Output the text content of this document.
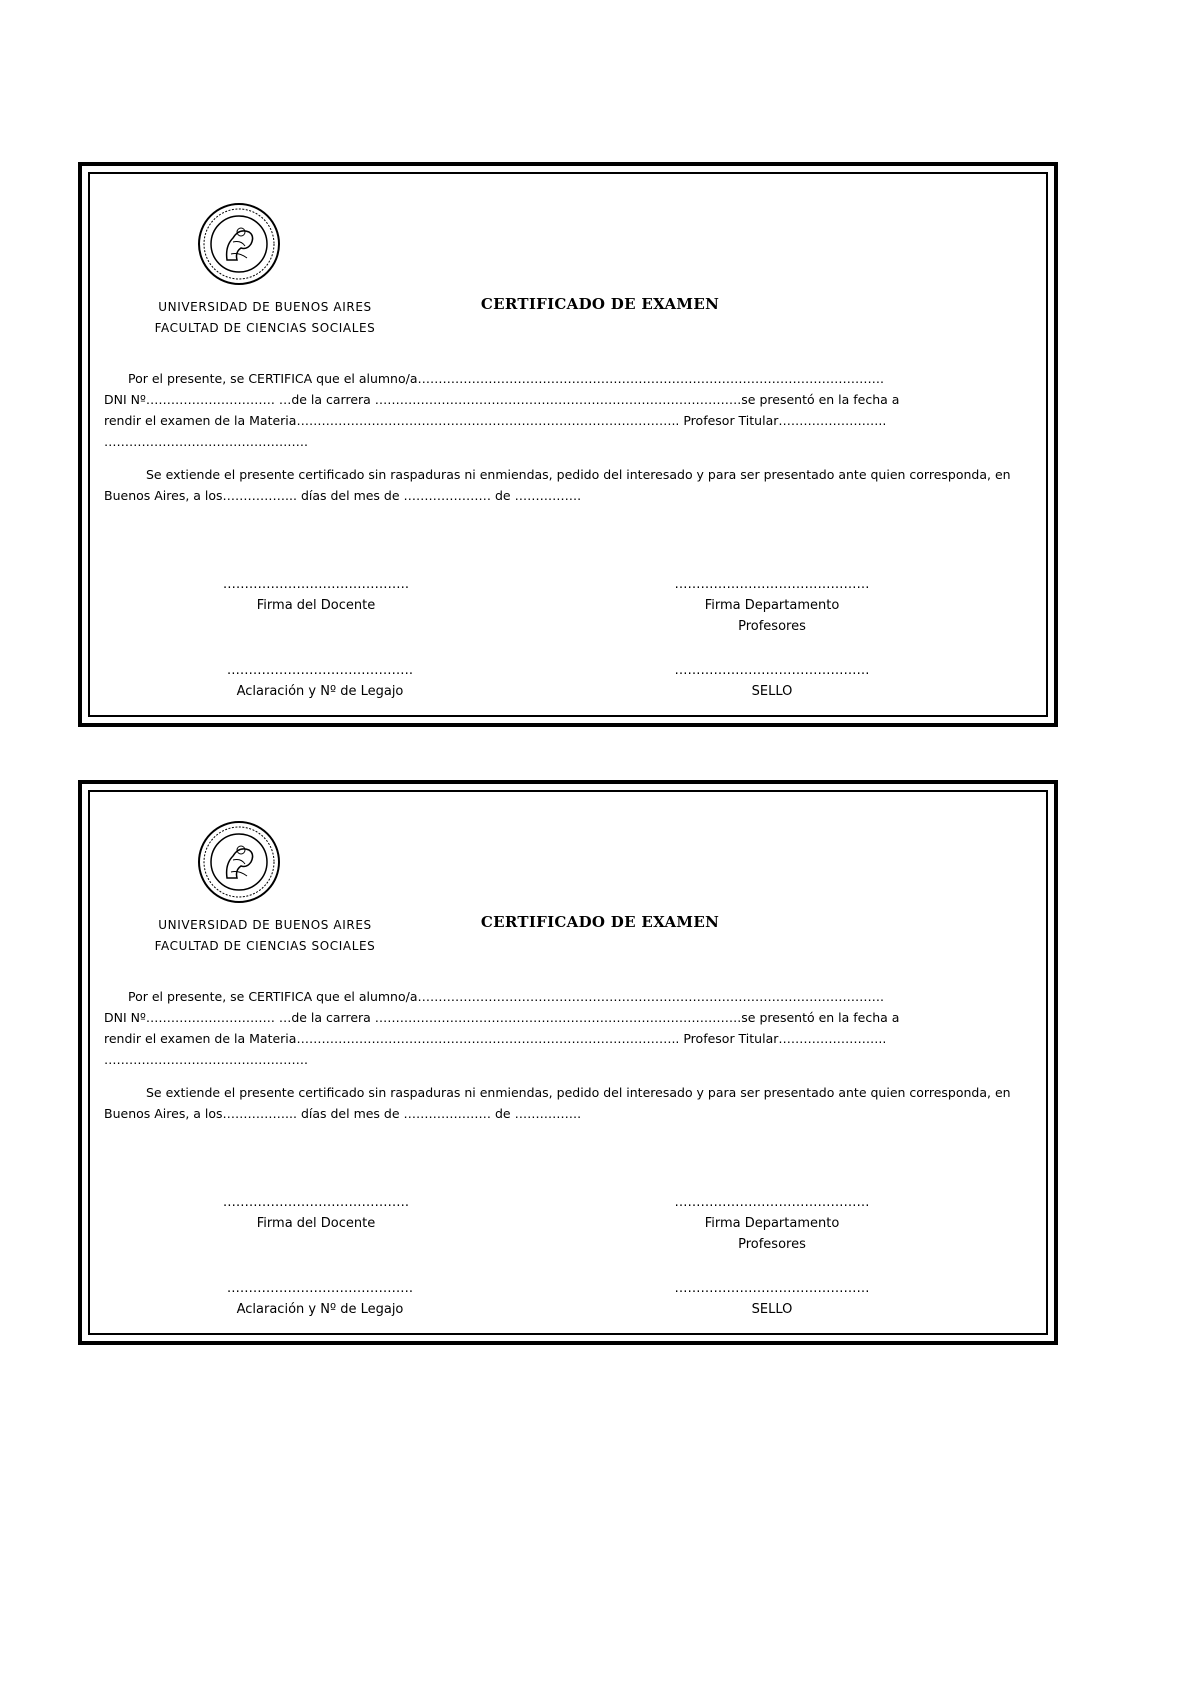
UNIVERSIDAD DE BUENOS AIRES
FACULTAD DE CIENCIAS SOCIALES
CERTIFICADO DE EXAMEN
Por el presente, se CERTIFICA que el alumno/a………………………………………………………………………………………………….
DNI Nº…………………………. …de la carrera …………………………………………………………………………….se presentó en la fecha a
rendir el examen de la Materia……………………………………………………………………………….. Profesor Titular……………………..
………………………………………….
Se extiende el presente certificado sin raspaduras ni enmiendas, pedido del interesado y para ser presentado ante quien corresponda, en
Buenos Aires, a los……………... días del mes de ………………… de …………….
…………………………………….
Firma del Docente
………………………………………
Firma Departamento
Profesores
…………………………………….
Aclaración y Nº de Legajo
………………………………………
SELLO
UNIVERSIDAD DE BUENOS AIRES
FACULTAD DE CIENCIAS SOCIALES
CERTIFICADO DE EXAMEN
Por el presente, se CERTIFICA que el alumno/a………………………………………………………………………………………………….
DNI Nº…………………………. …de la carrera …………………………………………………………………………….se presentó en la fecha a
rendir el examen de la Materia……………………………………………………………………………….. Profesor Titular……………………..
………………………………………….
Se extiende el presente certificado sin raspaduras ni enmiendas, pedido del interesado y para ser presentado ante quien corresponda, en
Buenos Aires, a los……………... días del mes de ………………… de …………….
…………………………………….
Firma del Docente
………………………………………
Firma Departamento
Profesores
…………………………………….
Aclaración y Nº de Legajo
………………………………………
SELLO
